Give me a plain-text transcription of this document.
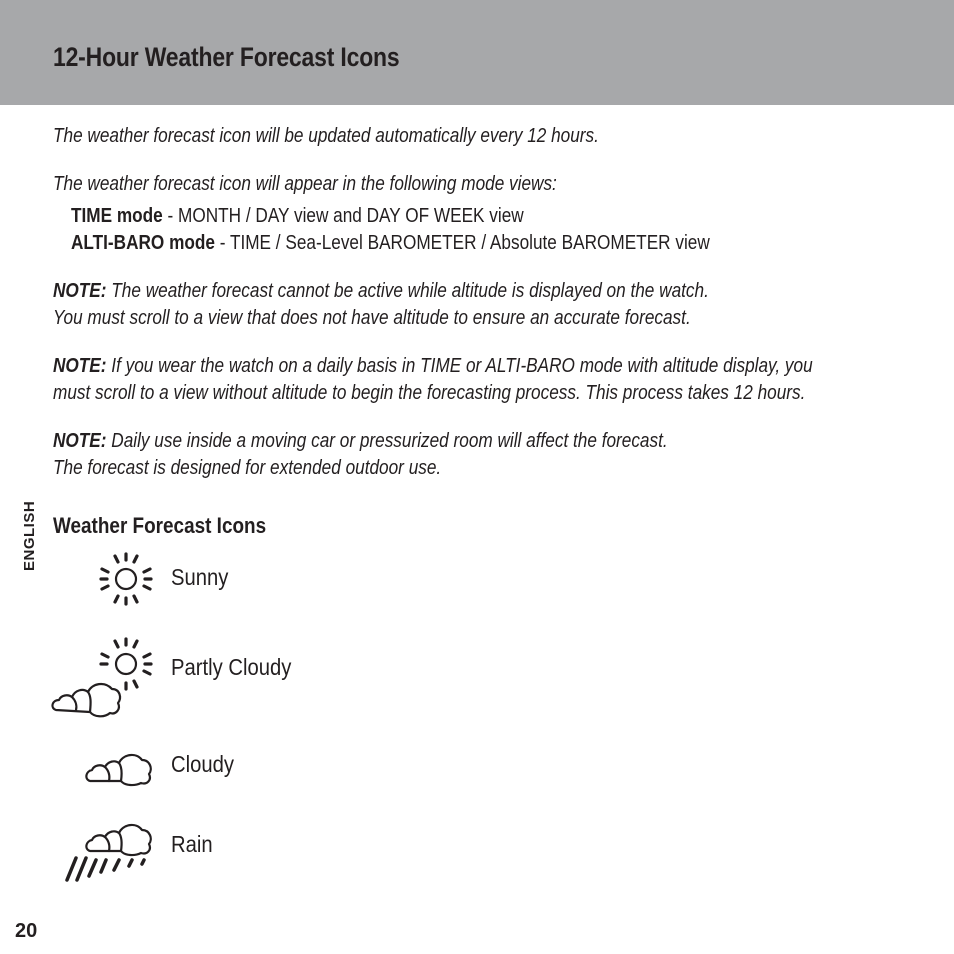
12-Hour Weather Forecast Icons

The weather forecast icon will be updated automatically every 12 hours.

The weather forecast icon will appear in the following mode views:

TIME mode - MONTH / DAY view and DAY OF WEEK view

ALTI-BARO mode - TIME / Sea-Level BAROMETER / Absolute BAROMETER view

NOTE: The weather forecast cannot be active while altitude is displayed on the watch.

You must scroll to a view that does not have altitude to ensure an accurate forecast.

NOTE: If you wear the watch on a daily basis in TIME or ALTI-BARO mode with altitude display, you

must scroll to a view without altitude to begin the forecasting process. This process takes 12 hours.

NOTE: Daily use inside a moving car or pressurized room will affect the forecast.

The forecast is designed for extended outdoor use.

ENGLISH Weather Forecast Icons
Sunny
Partly Cloudy
Cloudy
Rain
20
